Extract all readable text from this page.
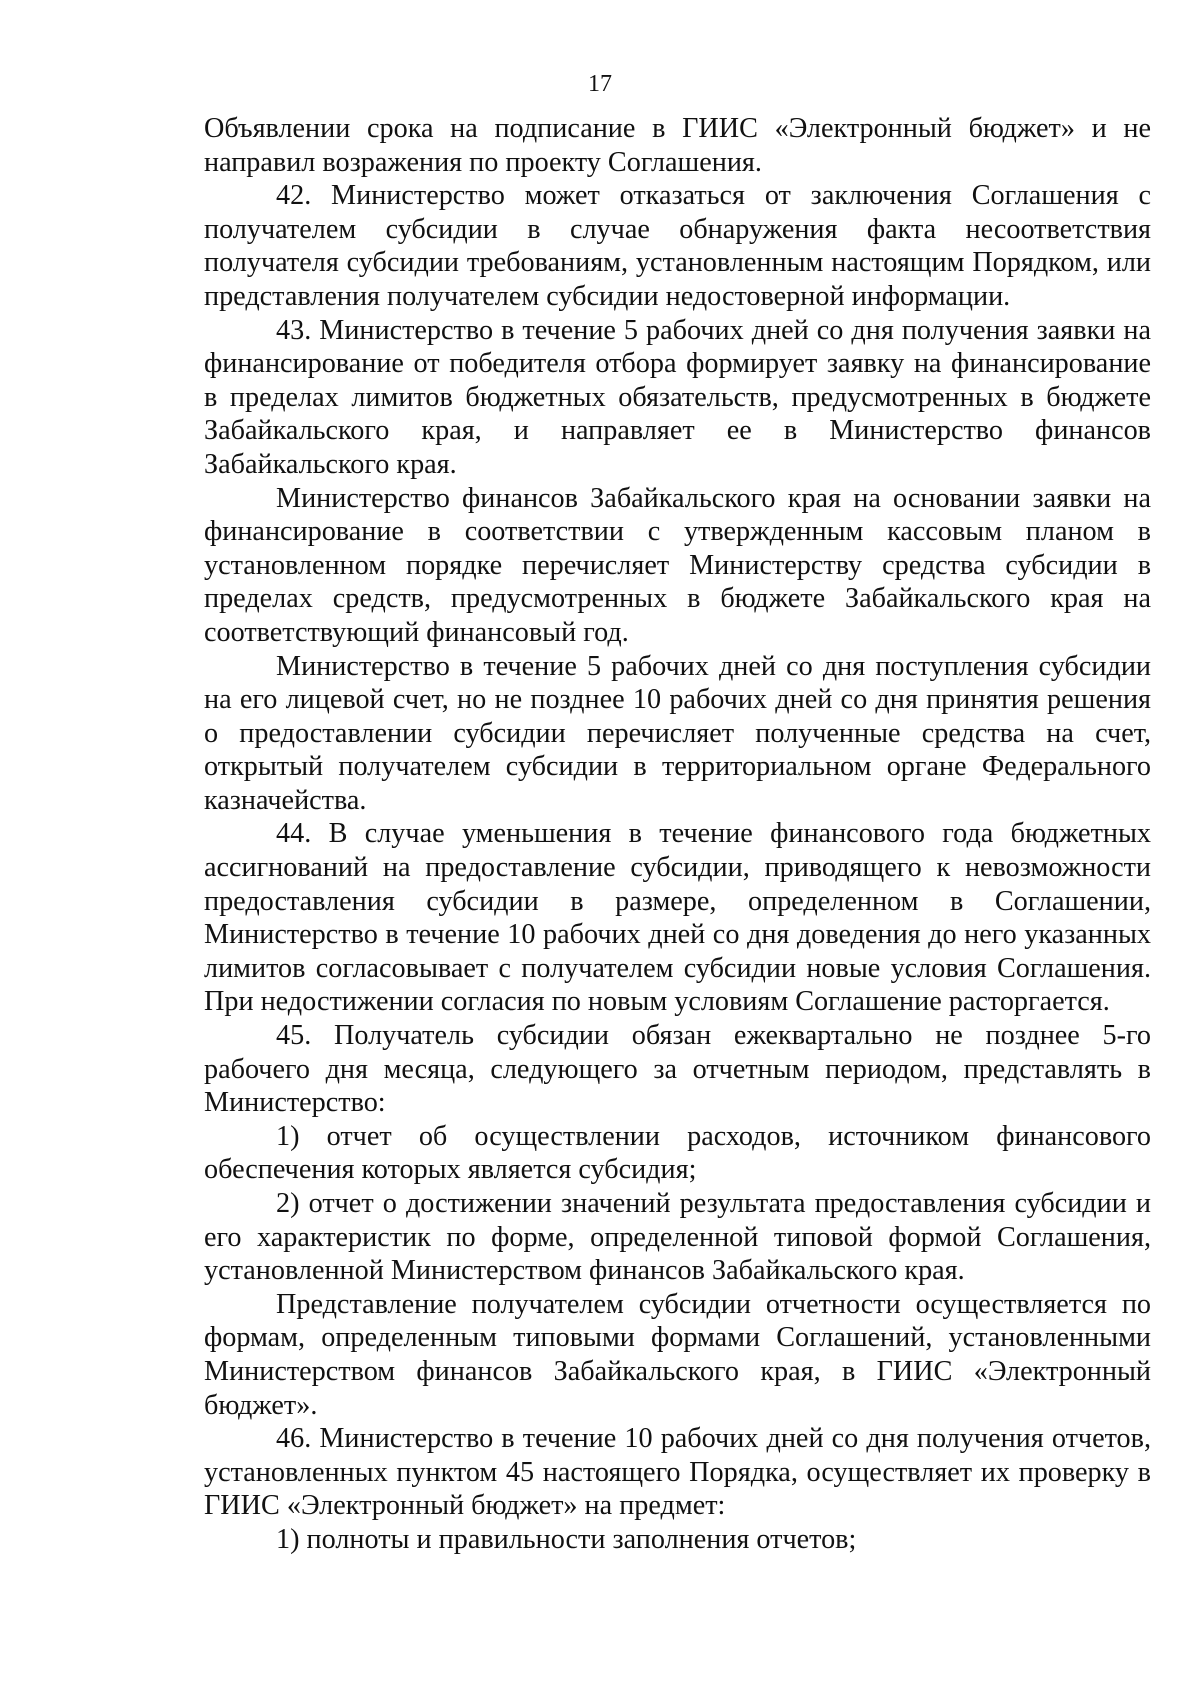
17

Объявлении срока на подписание в ГИИС «Электронный бюджет» и не направил возражения по проекту Соглашения.

42. Министерство может отказаться от заключения Соглашения с получателем субсидии в случае обнаружения факта несоответствия получателя субсидии требованиям, установленным настоящим Порядком, или представления получателем субсидии недостоверной информации.

43. Министерство в течение 5 рабочих дней со дня получения заявки на финансирование от победителя отбора формирует заявку на финансирование в пределах лимитов бюджетных обязательств, предусмотренных в бюджете Забайкальского края, и направляет ее в Министерство финансов Забайкальского края.

Министерство финансов Забайкальского края на основании заявки на финансирование в соответствии с утвержденным кассовым планом в установленном порядке перечисляет Министерству средства субсидии в пределах средств, предусмотренных в бюджете Забайкальского края на соответствующий финансовый год.

Министерство в течение 5 рабочих дней со дня поступления субсидии на его лицевой счет, но не позднее 10 рабочих дней со дня принятия решения о предоставлении субсидии перечисляет полученные средства на счет, открытый получателем субсидии в территориальном органе Федерального казначейства.

44. В случае уменьшения в течение финансового года бюджетных ассигнований на предоставление субсидии, приводящего к невозможности предоставления субсидии в размере, определенном в Соглашении, Министерство в течение 10 рабочих дней со дня доведения до него указанных лимитов согласовывает с получателем субсидии новые условия Соглашения. При недостижении согласия по новым условиям Соглашение расторгается.

45. Получатель субсидии обязан ежеквартально не позднее 5-го рабочего дня месяца, следующего за отчетным периодом, представлять в Министерство:

1) отчет об осуществлении расходов, источником финансового обеспечения которых является субсидия;

2) отчет о достижении значений результата предоставления субсидии и его характеристик по форме, определенной типовой формой Соглашения, установленной Министерством финансов Забайкальского края.

Представление получателем субсидии отчетности осуществляется по формам, определенным типовыми формами Соглашений, установленными Министерством финансов Забайкальского края, в ГИИС «Электронный бюджет».

46. Министерство в течение 10 рабочих дней со дня получения отчетов, установленных пунктом 45 настоящего Порядка, осуществляет их проверку в ГИИС «Электронный бюджет» на предмет:

1) полноты и правильности заполнения отчетов;
